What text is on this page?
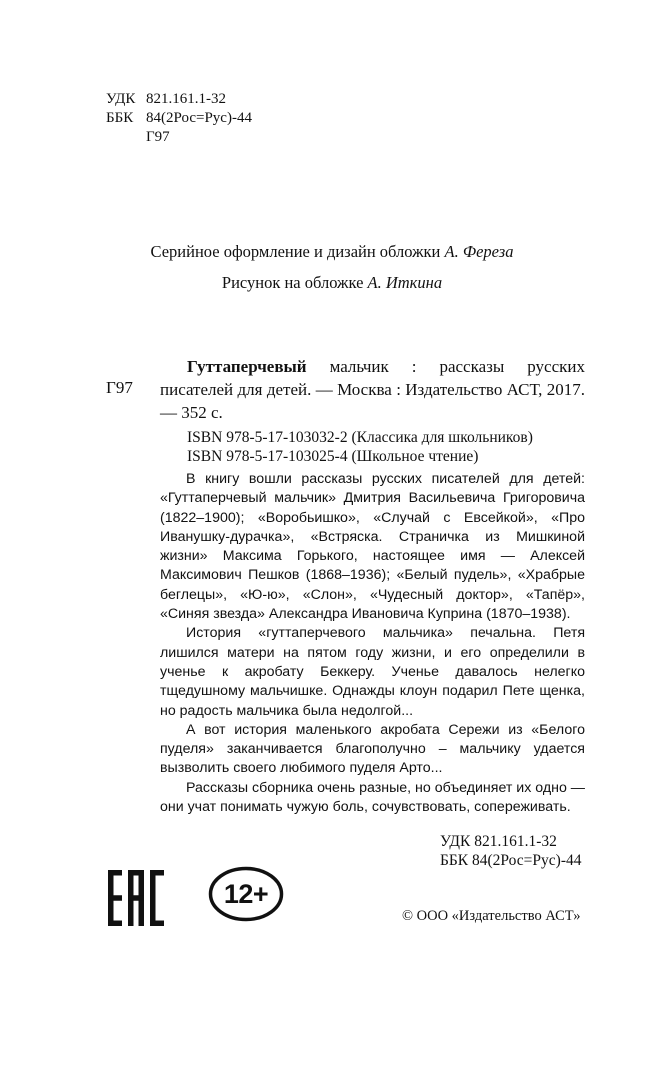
УДК 821.161.1-32
ББК 84(2Рос=Рус)-44
Г97
Серийное оформление и дизайн обложки А. Фереза
Рисунок на обложке А. Иткина
Г97
Гуттаперчевый мальчик : рассказы русских писателей для детей. — Москва : Издательство АСТ, 2017. — 352 с.
ISBN 978-5-17-103032-2 (Классика для школьников)
ISBN 978-5-17-103025-4 (Школьное чтение)

В книгу вошли рассказы русских писателей для детей: «Гуттаперчевый мальчик» Дмитрия Васильевича Григоровича (1822–1900); «Воробьишко», «Случай с Евсейкой», «Про Иванушку-дурачка», «Встряска. Страничка из Мишкиной жизни» Максима Горького, настоящее имя — Алексей Максимович Пешков (1868–1936); «Белый пудель», «Храбрые беглецы», «Ю-ю», «Слон», «Чудесный доктор», «Тапёр», «Синяя звезда» Александра Ивановича Куприна (1870–1938).

История «гуттаперчевого мальчика» печальна. Петя лишился матери на пятом году жизни, и его определили в ученье к акробату Беккеру. Ученье давалось нелегко тщедушному мальчишке. Однажды клоун подарил Пете щенка, но радость мальчика была недолгой...

А вот история маленького акробата Сережи из «Белого пуделя» заканчивается благополучно – мальчику удается вызволить своего любимого пуделя Арто...

Рассказы сборника очень разные, но объединяет их одно — они учат понимать чужую боль, сочувствовать, сопереживать.

УДК 821.161.1-32
ББК 84(2Рос=Рус)-44
12+
© ООО «Издательство АСТ»
